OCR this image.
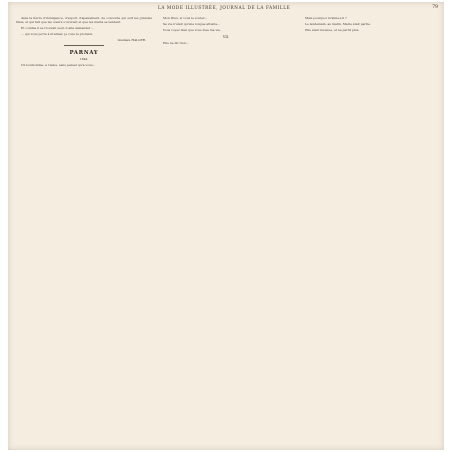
LA MODE ILLUSTRÉE, JOURNAL DE LA FAMILLE	79

dans la fièvre d'indulgence, d'espoir, d'apaisement, de concorde qui suit les grandes fêtes, et qui fait que les cœurs s'ouvrent et que les mains se tendent.

Et comme il se trouvait seul, il alla demander ...

... qui vous porte à m'aimer, je vous le promets.

Gustave HALLER.
PARNAY
1844.

Un bonhomme, à l'aube, sans penser qu'à vous...

Mon Dieu, si vous le voulez...

Sa vie n'était qu'une longue attente...

Vous voyez bien que vous êtes ma vie.

VII.

Elle ne dit rien...

Mais pourquoi m'aime-t-il ?

Le lendemain, au matin, Marie était partie.

Elle était revenue, et ne partit plus.
